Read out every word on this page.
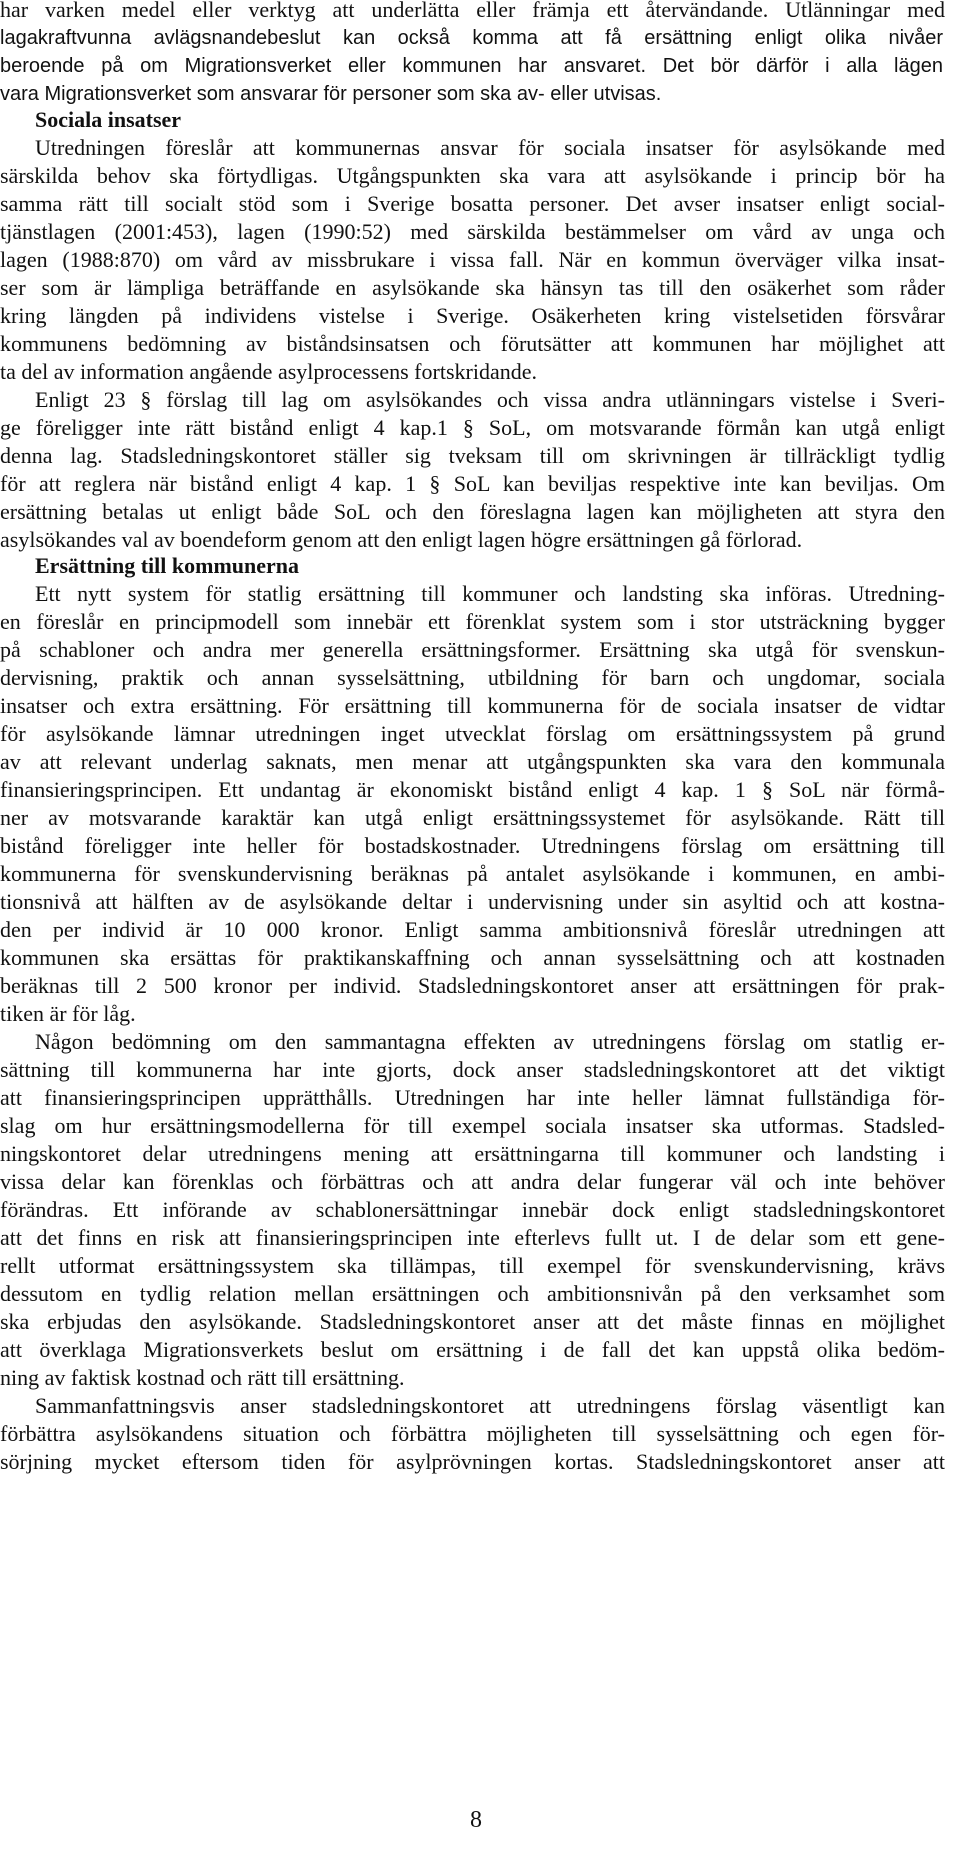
har varken medel eller verktyg att underlätta eller främja ett återvändande. Utlänningar med
lagakraftvunna avlägsnandebeslut kan också komma att få ersättning enligt olika nivåer
beroende på om Migrationsverket eller kommunen har ansvaret. Det bör därför i alla lägen
vara Migrationsverket som ansvarar för personer som ska av- eller utvisas.
Sociala insatser
Utredningen föreslår att kommunernas ansvar för sociala insatser för asylsökande med
särskilda behov ska förtydligas. Utgångspunkten ska vara att asylsökande i princip bör ha
samma rätt till socialt stöd som i Sverige bosatta personer. Det avser insatser enligt social-
tjänstlagen (2001:453), lagen (1990:52) med särskilda bestämmelser om vård av unga och
lagen (1988:870) om vård av missbrukare i vissa fall. När en kommun överväger vilka insat-
ser som är lämpliga beträffande en asylsökande ska hänsyn tas till den osäkerhet som råder
kring längden på individens vistelse i Sverige. Osäkerheten kring vistelsetiden försvårar
kommunens bedömning av biståndsinsatsen och förutsätter att kommunen har möjlighet att
ta del av information angående asylprocessens fortskridande.
Enligt 23 § förslag till lag om asylsökandes och vissa andra utlänningars vistelse i Sveri-
ge föreligger inte rätt bistånd enligt 4 kap.1 § SoL, om motsvarande förmån kan utgå enligt
denna lag. Stadsledningskontoret ställer sig tveksam till om skrivningen är tillräckligt tydlig
för att reglera när bistånd enligt 4 kap. 1 § SoL kan beviljas respektive inte kan beviljas. Om
ersättning betalas ut enligt både SoL och den föreslagna lagen kan möjligheten att styra den
asylsökandes val av boendeform genom att den enligt lagen högre ersättningen gå förlorad.
Ersättning till kommunerna
Ett nytt system för statlig ersättning till kommuner och landsting ska införas. Utredning-
en föreslår en principmodell som innebär ett förenklat system som i stor utsträckning bygger
på schabloner och andra mer generella ersättningsformer. Ersättning ska utgå för svenskun-
dervisning, praktik och annan sysselsättning, utbildning för barn och ungdomar, sociala
insatser och extra ersättning. För ersättning till kommunerna för de sociala insatser de vidtar
för asylsökande lämnar utredningen inget utvecklat förslag om ersättningssystem på grund
av att relevant underlag saknats, men menar att utgångspunkten ska vara den kommunala
finansieringsprincipen. Ett undantag är ekonomiskt bistånd enligt 4 kap. 1 § SoL när förmå-
ner av motsvarande karaktär kan utgå enligt ersättningssystemet för asylsökande. Rätt till
bistånd föreligger inte heller för bostadskostnader. Utredningens förslag om ersättning till
kommunerna för svenskundervisning beräknas på antalet asylsökande i kommunen, en ambi-
tionsnivå att hälften av de asylsökande deltar i undervisning under sin asyltid och att kostna-
den per individ är 10 000 kronor. Enligt samma ambitionsnivå föreslår utredningen att
kommunen ska ersättas för praktikanskaffning och annan sysselsättning och att kostnaden
beräknas till 2 500 kronor per individ. Stadsledningskontoret anser att ersättningen för prak-
tiken är för låg.
Någon bedömning om den sammantagna effekten av utredningens förslag om statlig er-
sättning till kommunerna har inte gjorts, dock anser stadsledningskontoret att det viktigt
att finansieringsprincipen upprätthålls. Utredningen har inte heller lämnat fullständiga för-
slag om hur ersättningsmodellerna för till exempel sociala insatser ska utformas. Stadsled-
ningskontoret delar utredningens mening att ersättningarna till kommuner och landsting i
vissa delar kan förenklas och förbättras och att andra delar fungerar väl och inte behöver
förändras. Ett införande av schablonersättningar innebär dock enligt stadsledningskontoret
att det finns en risk att finansieringsprincipen inte efterlevs fullt ut. I de delar som ett gene-
rellt utformat ersättningssystem ska tillämpas, till exempel för svenskundervisning, krävs
dessutom en tydlig relation mellan ersättningen och ambitionsnivån på den verksamhet som
ska erbjudas den asylsökande. Stadsledningskontoret anser att det måste finnas en möjlighet
att överklaga Migrationsverkets beslut om ersättning i de fall det kan uppstå olika bedöm-
ning av faktisk kostnad och rätt till ersättning.
Sammanfattningsvis anser stadsledningskontoret att utredningens förslag väsentligt kan
förbättra asylsökandens situation och förbättra möjligheten till sysselsättning och egen för-
sörjning mycket eftersom tiden för asylprövningen kortas. Stadsledningskontoret anser att
8
